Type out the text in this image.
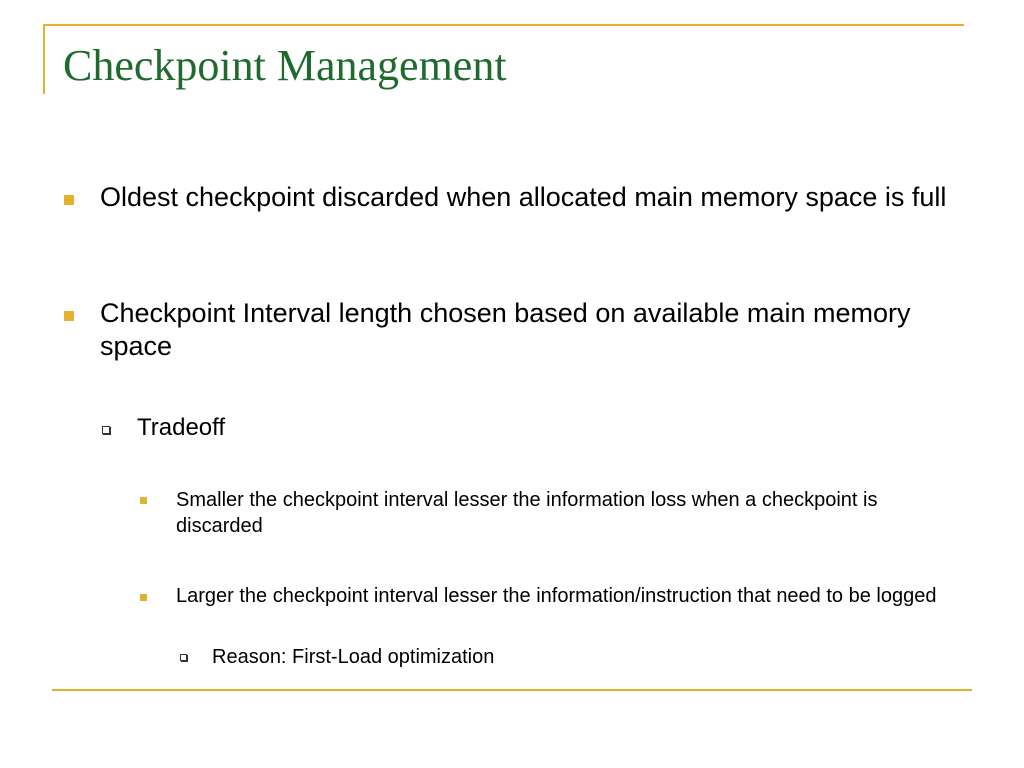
Checkpoint Management
Oldest checkpoint discarded when allocated main memory space is full
Checkpoint Interval length chosen based on available main memory space
Tradeoff
Smaller the checkpoint interval lesser the information loss when a checkpoint is discarded
Larger the checkpoint interval lesser the information/instruction that need to be logged
Reason: First-Load optimization
